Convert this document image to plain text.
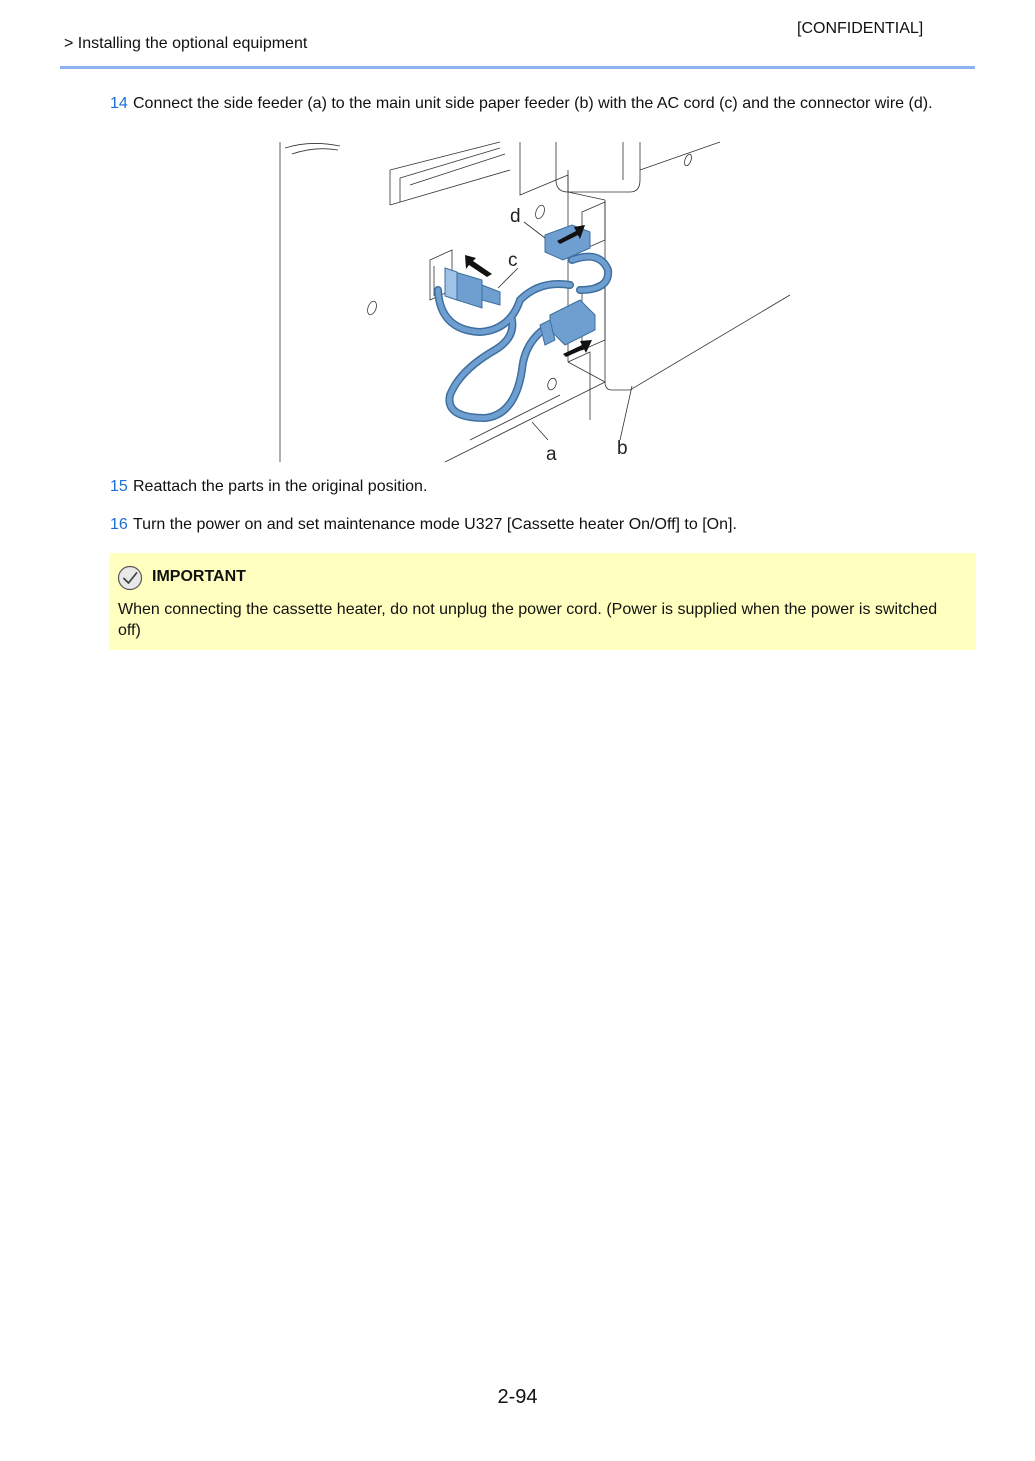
[CONFIDENTIAL]
> Installing the optional equipment
14 Connect the side feeder (a) to the main unit side paper feeder (b) with the AC cord (c) and the connector wire (d).
d
c
a	b
15 Reattach the parts in the original position.
16 Turn the power on and set maintenance mode U327 [Cassette heater On/Off] to [On].
IMPORTANT
When connecting the cassette heater, do not unplug the power cord. (Power is supplied when the power is switched off)
2-94
